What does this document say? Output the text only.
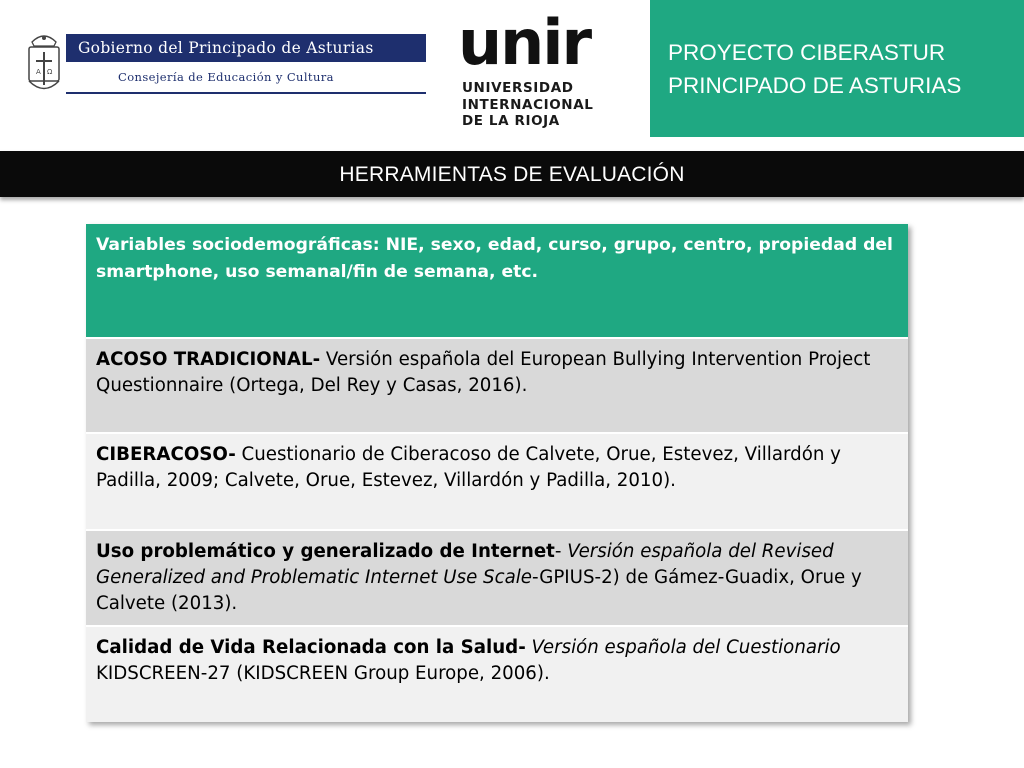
A Ω
Gobierno del Principado de Asturias
Consejería de Educación y Cultura unir
UNIVERSIDAD
INTERNACIONAL
DE LA RIOJA
PROYECTO CIBERASTUR
PRINCIPADO DE ASTURIAS
HERRAMIENTAS DE EVALUACIÓN
Variables sociodemográficas: NIE, sexo, edad, curso, grupo, centro, propiedad del smartphone, uso semanal/fin de semana, etc.
ACOSO TRADICIONAL- Versión española del European Bullying Intervention Project Questionnaire (Ortega, Del Rey y Casas, 2016).
CIBERACOSO- Cuestionario de Ciberacoso de Calvete, Orue, Estevez, Villardón y Padilla, 2009; Calvete, Orue, Estevez, Villardón y Padilla, 2010).
Uso problemático y generalizado de Internet- Versión española del Revised Generalized and Problematic Internet Use Scale-GPIUS-2) de Gámez-Guadix, Orue y Calvete (2013).
Calidad de Vida Relacionada con la Salud- Versión española del Cuestionario KIDSCREEN-27 (KIDSCREEN Group Europe, 2006).
